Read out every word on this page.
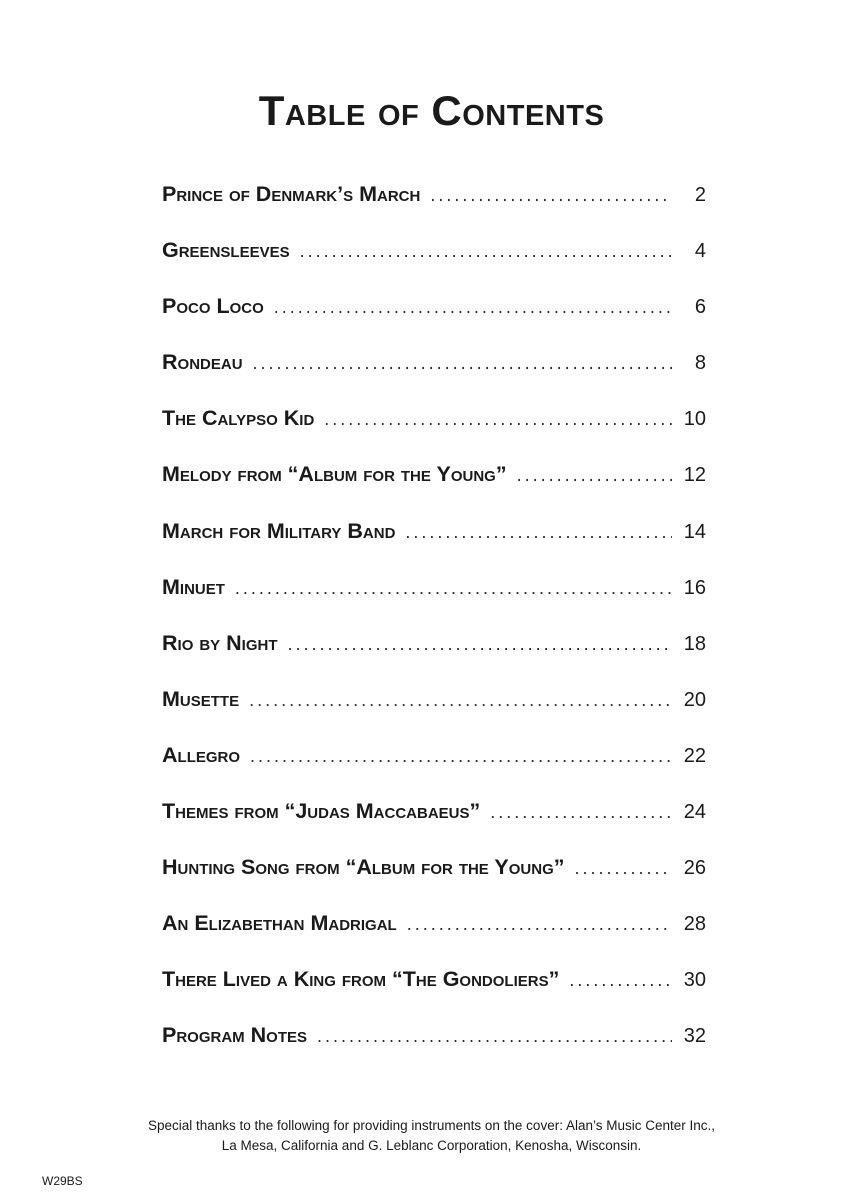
Table of Contents
Prince of Denmark’s March . . .	2
Greensleeves . . .	4
Poco Loco . . .	6
Rondeau . . .	8
The Calypso Kid . . .	10
Melody from “Album for the Young” . . .	12
March for Military Band . . .	14
Minuet . . .	16
Rio by Night . . .	18
Musette . . .	20
Allegro . . .	22
Themes from “Judas Maccabaeus” . . .	24
Hunting Song from “Album for the Young” . . .	26
An Elizabethan Madrigal . . .	28
There Lived a King from “The Gondoliers” . . .	30
Program Notes . . .	32

Special thanks to the following for providing instruments on the cover: Alan’s Music Center Inc.,
La Mesa, California and G. Leblanc Corporation, Kenosha, Wisconsin.

W29BS
